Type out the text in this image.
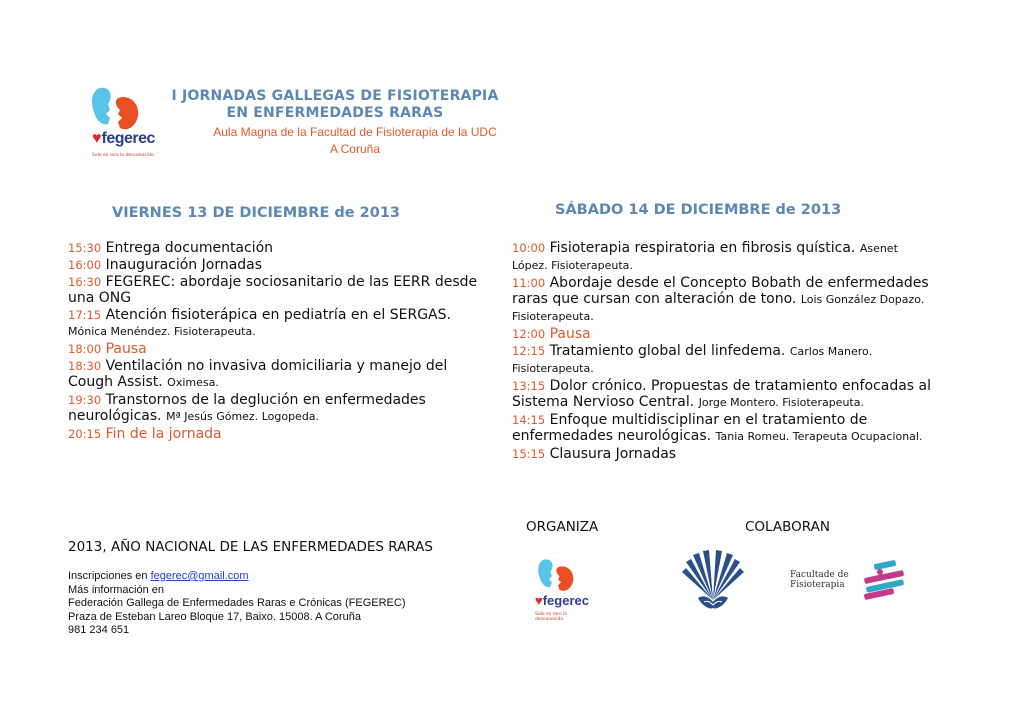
♥fegerec
Solo es raro lo desconocido
I JORNADAS GALLEGAS DE FISIOTERAPIA
EN ENFERMEDADES RARAS
Aula Magna de la Facultad de Fisioterapia de la UDC
A Coruña
VIERNES 13 DE DICIEMBRE de 2013
15:30 Entrega documentación
16:00 Inauguración Jornadas
16:30 FEGEREC: abordaje sociosanitario de las EERR desde
una ONG
17:15 Atención fisioterápica en pediatría en el SERGAS.
Mónica Menéndez. Fisioterapeuta.
18:00 Pausa
18:30 Ventilación no invasiva domiciliaria y manejo del
Cough Assist. Oximesa.
19:30 Transtornos de la deglución en enfermedades
neurológicas. Mª Jesús Gómez. Logopeda.
20:15 Fin de la jornada
SÁBADO 14 DE DICIEMBRE de 2013
10:00 Fisioterapia respiratoria en fibrosis quística. Asenet
López. Fisioterapeuta.
11:00 Abordaje desde el Concepto Bobath de enfermedades
raras que cursan con alteración de tono. Lois González Dopazo.
Fisioterapeuta.
12:00 Pausa
12:15 Tratamiento global del linfedema. Carlos Manero.
Fisioterapeuta.
13:15 Dolor crónico. Propuestas de tratamiento enfocadas al
Sistema Nervioso Central. Jorge Montero. Fisioterapeuta.
14:15 Enfoque multidisciplinar en el tratamiento de
enfermedades neurológicas. Tania Romeu. Terapeuta Ocupacional.
15:15 Clausura Jornadas
2013, AÑO NACIONAL DE LAS ENFERMEDADES RARAS
Inscripciones en fegerec@gmail.com
Más información en
Federación Gallega de Enfermedades Raras e Crónicas (FEGEREC)
Praza de Esteban Lareo Bloque 17, Baixo. 15008. A Coruña
981 234 651
ORGANIZA	COLABORAN
♥fegerec
Solo es raro lo desconocido
Facultade de
Fisioterapia
